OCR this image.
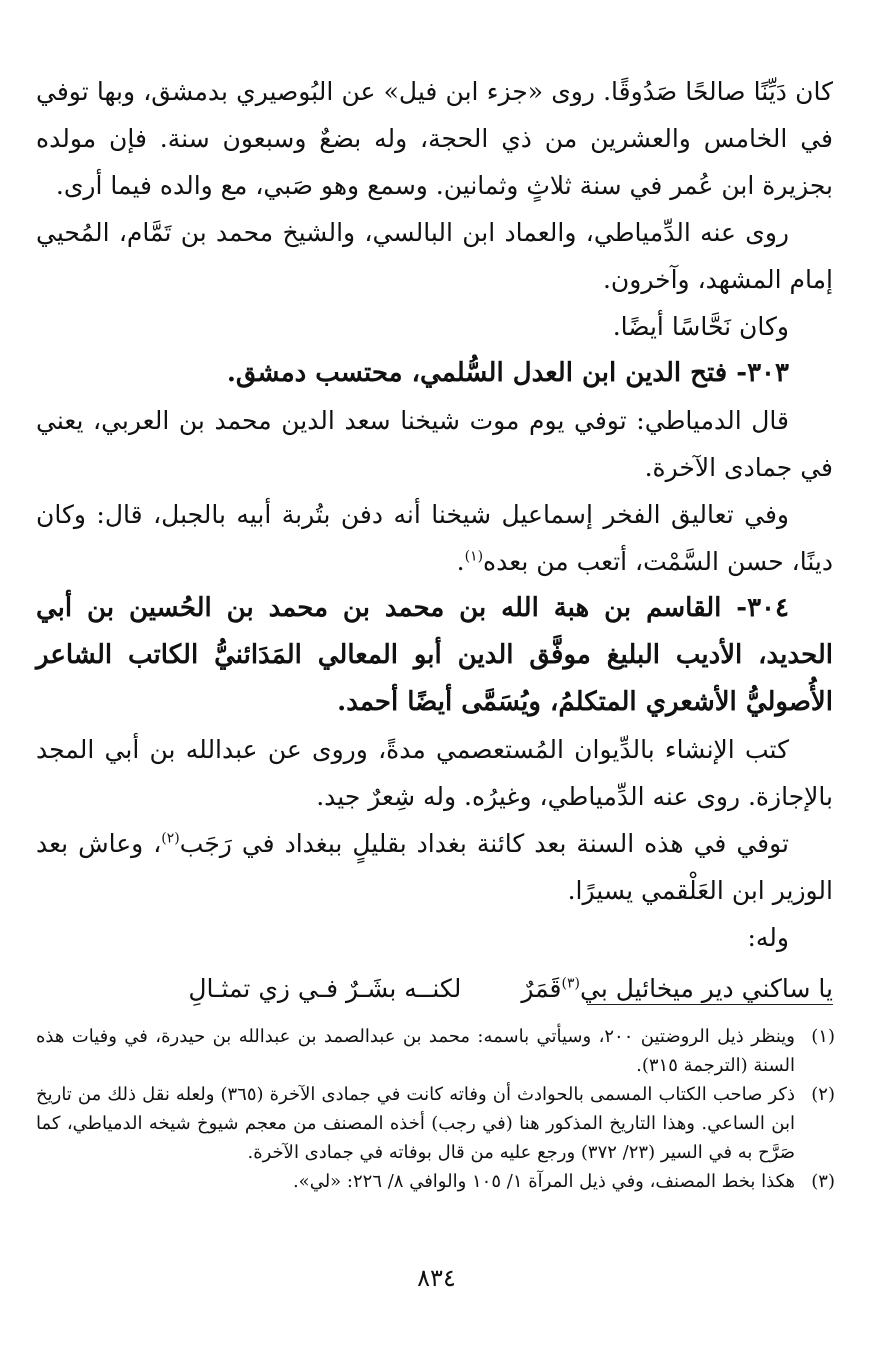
كان دَيِّنًا صالحًا صَدُوقًا. روى «جزء ابن فيل» عن البُوصيري بدمشق، وبها توفي في الخامس والعشرين من ذي الحجة، وله بضعٌ وسبعون سنة. فإن مولده بجزيرة ابن عُمر في سنة ثلاثٍ وثمانين. وسمع وهو صَبي، مع والده فيما أرى.

روى عنه الدِّمياطي، والعماد ابن البالسي، والشيخ محمد بن تَمَّام، المُحيي إمام المشهد، وآخرون.

وكان نَحَّاسًا أيضًا.

٣٠٣- فتح الدين ابن العدل السُّلمي، محتسب دمشق.

قال الدمياطي: توفي يوم موت شيخنا سعد الدين محمد بن العربي، يعني في جمادى الآخرة.

وفي تعاليق الفخر إسماعيل شيخنا أنه دفن بتُربة أبيه بالجبل، قال: وكان دينًا، حسن السَّمْت، أتعب من بعده$^{(١)}$.

٣٠٤- القاسم بن هبة الله بن محمد بن محمد بن الحُسين بن أبي الحديد، الأديب البليغ موفَّق الدين أبو المعالي المَدَائنيُّ الكاتب الشاعر الأُصوليُّ الأشعري المتكلمُ، ويُسَمَّى أيضًا أحمد.

كتب الإنشاء بالدِّيوان المُستعصمي مدةً، وروى عن عبدالله بن أبي المجد بالإجازة. روى عنه الدِّمياطي، وغيرُه. وله شِعرٌ جيد.

توفي في هذه السنة بعد كائنة بغداد بقليلٍ ببغداد في رَجَب$^{(٢)}$، وعاش بعد الوزير ابن العَلْقمي يسيرًا.

وله:

يا ساكني دير ميخائيل بي$^{(٣)}$قَمَرٌ
لكنــه بشَـرٌ فـي زي تمثـالِ
(١)
وينظر ذيل الروضتين ٢٠٠، وسيأتي باسمه: محمد بن عبدالصمد بن عبدالله بن حيدرة، في وفيات هذه السنة (الترجمة ٣١٥).
(٢)
ذكر صاحب الكتاب المسمى بالحوادث أن وفاته كانت في جمادى الآخرة (٣٦٥) ولعله نقل ذلك من تاريخ ابن الساعي. وهذا التاريخ المذكور هنا (في رجب) أخذه المصنف من معجم شيوخ شيخه الدمياطي، كما صَرَّح به في السير (٢٣/ ٣٧٢) ورجع عليه من قال بوفاته في جمادى الآخرة.
(٣)
هكذا بخط المصنف، وفي ذيل المرآة ١/ ١٠٥ والوافي ٨/ ٢٢٦: «لي».
٨٣٤
